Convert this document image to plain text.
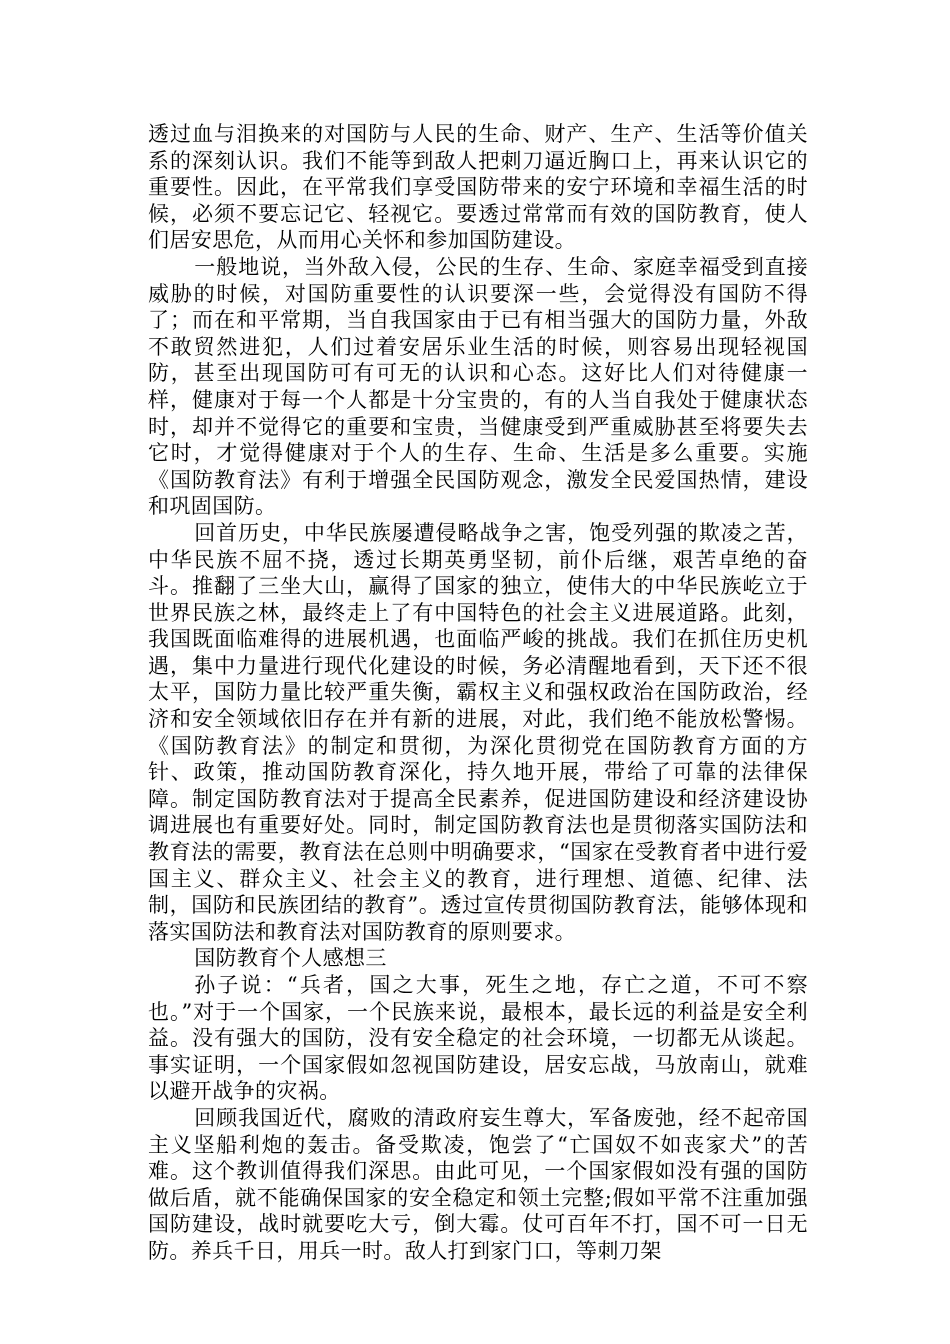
透过血与泪换来的对国防与人民的生命、财产、生产、生活等价值关系的深刻认识。我们不能等到敌人把刺刀逼近胸口上，再来认识它的重要性。因此，在平常我们享受国防带来的安宁环境和幸福生活的时候，必须不要忘记它、轻视它。要透过常常而有效的国防教育，使人们居安思危，从而用心关怀和参加国防建设。

一般地说，当外敌入侵，公民的生存、生命、家庭幸福受到直接威胁的时候，对国防重要性的认识要深一些，会觉得没有国防不得了；而在和平常期，当自我国家由于已有相当强大的国防力量，外敌不敢贸然进犯，人们过着安居乐业生活的时候，则容易出现轻视国防，甚至出现国防可有可无的认识和心态。这好比人们对待健康一样，健康对于每一个人都是十分宝贵的，有的人当自我处于健康状态时，却并不觉得它的重要和宝贵，当健康受到严重威胁甚至将要失去它时，才觉得健康对于个人的生存、生命、生活是多么重要。实施《国防教育法》有利于增强全民国防观念，激发全民爱国热情，建设和巩固国防。

回首历史，中华民族屡遭侵略战争之害，饱受列强的欺凌之苦，中华民族不屈不挠，透过长期英勇坚韧，前仆后继，艰苦卓绝的奋斗。推翻了三坐大山，赢得了国家的独立，使伟大的中华民族屹立于世界民族之林，最终走上了有中国特色的社会主义进展道路。此刻，我国既面临难得的进展机遇，也面临严峻的挑战。我们在抓住历史机遇，集中力量进行现代化建设的时候，务必清醒地看到，天下还不很太平，国防力量比较严重失衡，霸权主义和强权政治在国防政治，经济和安全领域依旧存在并有新的进展，对此，我们绝不能放松警惕。《国防教育法》的制定和贯彻，为深化贯彻党在国防教育方面的方针、政策，推动国防教育深化，持久地开展，带给了可靠的法律保障。制定国防教育法对于提高全民素养，促进国防建设和经济建设协调进展也有重要好处。同时，制定国防教育法也是贯彻落实国防法和教育法的需要，教育法在总则中明确要求，“国家在受教育者中进行爱国主义、群众主义、社会主义的教育，进行理想、道德、纪律、法制，国防和民族团结的教育”。透过宣传贯彻国防教育法，能够体现和落实国防法和教育法对国防教育的原则要求。

国防教育个人感想三

孙子说：“兵者，国之大事，死生之地，存亡之道，不可不察也。”对于一个国家，一个民族来说，最根本，最长远的利益是安全利益。没有强大的国防，没有安全稳定的社会环境，一切都无从谈起。事实证明，一个国家假如忽视国防建设，居安忘战，马放南山，就难以避开战争的灾祸。

回顾我国近代，腐败的清政府妄生尊大，军备废弛，经不起帝国主义坚船利炮的轰击。备受欺凌，饱尝了“亡国奴不如丧家犬”的苦难。这个教训值得我们深思。由此可见，一个国家假如没有强的国防做后盾，就不能确保国家的安全稳定和领土完整;假如平常不注重加强国防建设，战时就要吃大亏，倒大霉。仗可百年不打，国不可一日无防。养兵千日，用兵一时。敌人打到家门口，等刺刀架
